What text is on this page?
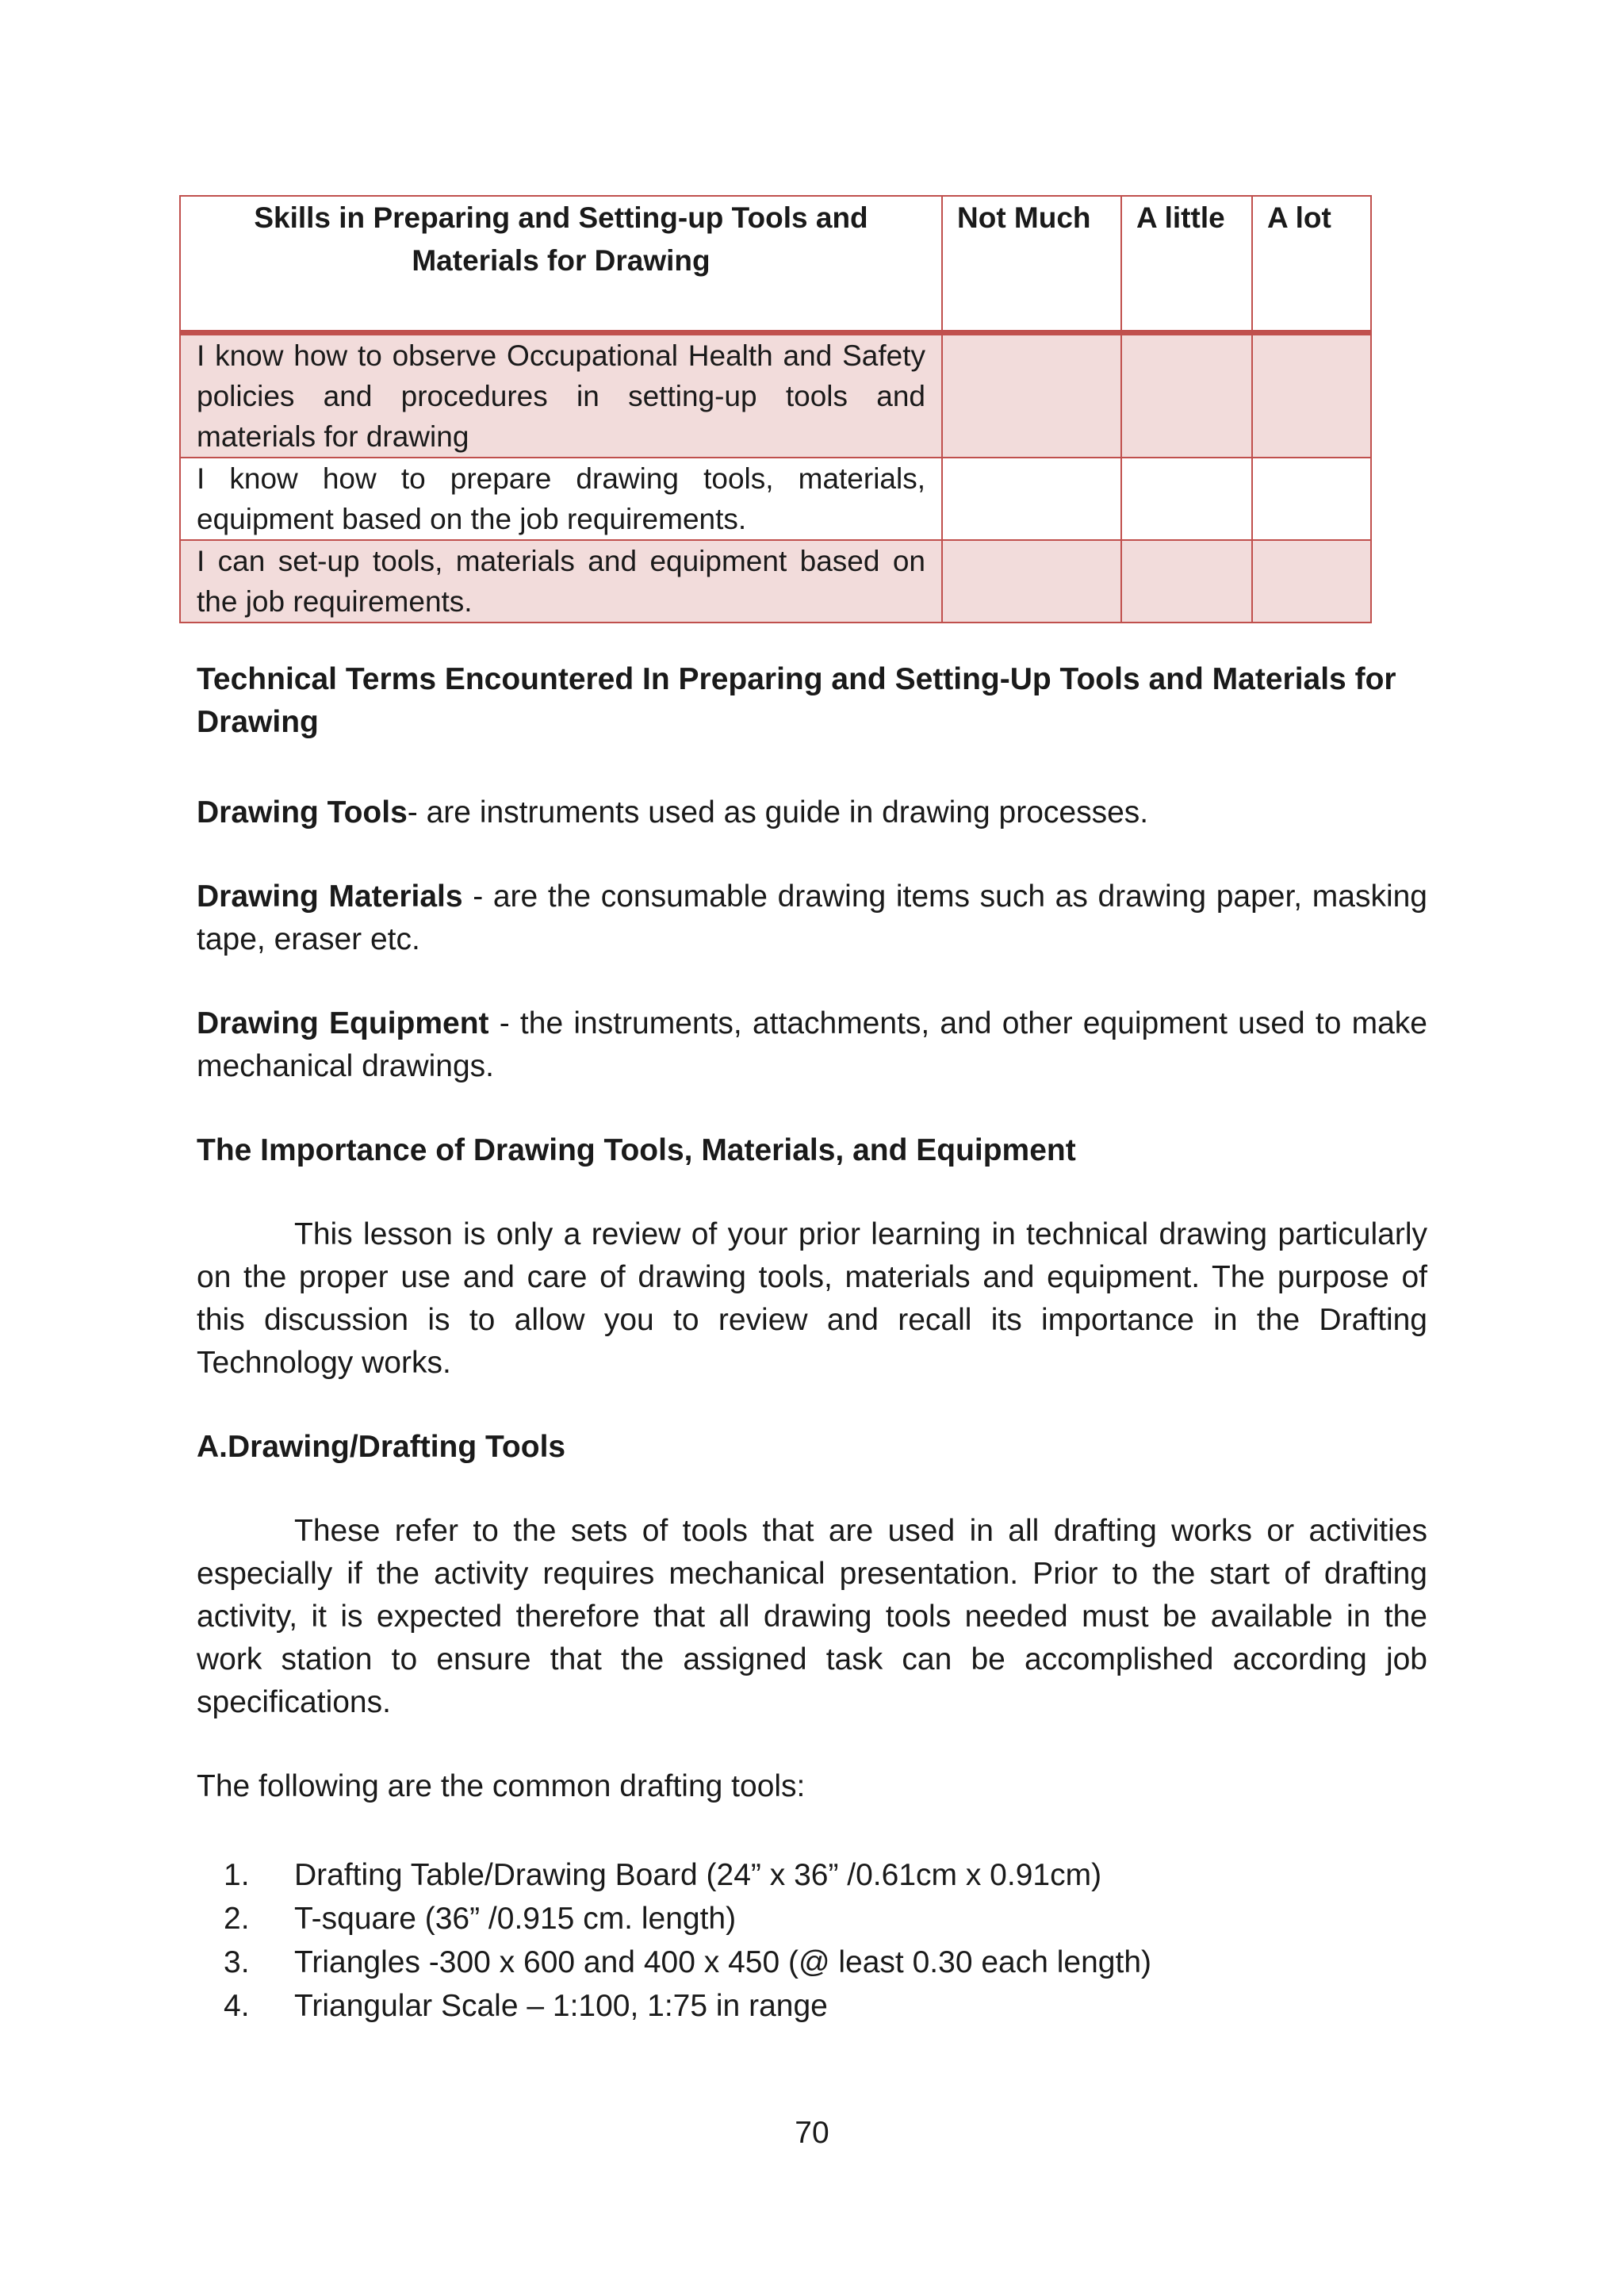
Skills in Preparing and Setting-up Tools and Materials for Drawing	Not Much	A little	A lot
I know how to observe Occupational Health and Safety policies and procedures in setting-up tools and materials for drawing			
I know how to prepare drawing tools, materials, equipment based on the job requirements.			
I can set-up tools, materials and equipment based on the job requirements.			

Technical Terms Encountered In Preparing and Setting-Up Tools and Materials for Drawing

Drawing Tools- are instruments used as guide in drawing processes.

Drawing Materials - are the consumable drawing items such as drawing paper, masking tape, eraser etc.

Drawing Equipment - the instruments, attachments, and other equipment used to make mechanical drawings.

The Importance of Drawing Tools, Materials, and Equipment

This lesson is only a review of your prior learning in technical drawing particularly on the proper use and care of drawing tools, materials and equipment. The purpose of this discussion is to allow you to review and recall its importance in the Drafting Technology works.

A.Drawing/Drafting Tools

These refer to the sets of tools that are used in all drafting works or activities especially if the activity requires mechanical presentation. Prior to the start of drafting activity, it is expected therefore that all drawing tools needed must be available in the work station to ensure that the assigned task can be accomplished according job specifications.

The following are the common drafting tools:

1.	Drafting Table/Drawing Board (24” x 36” /0.61cm x 0.91cm)
2.	T-square (36” /0.915 cm. length)
3.	Triangles -300 x 600 and 400 x 450 (@ least 0.30 each length)
4.	Triangular Scale – 1:100, 1:75 in range
70
